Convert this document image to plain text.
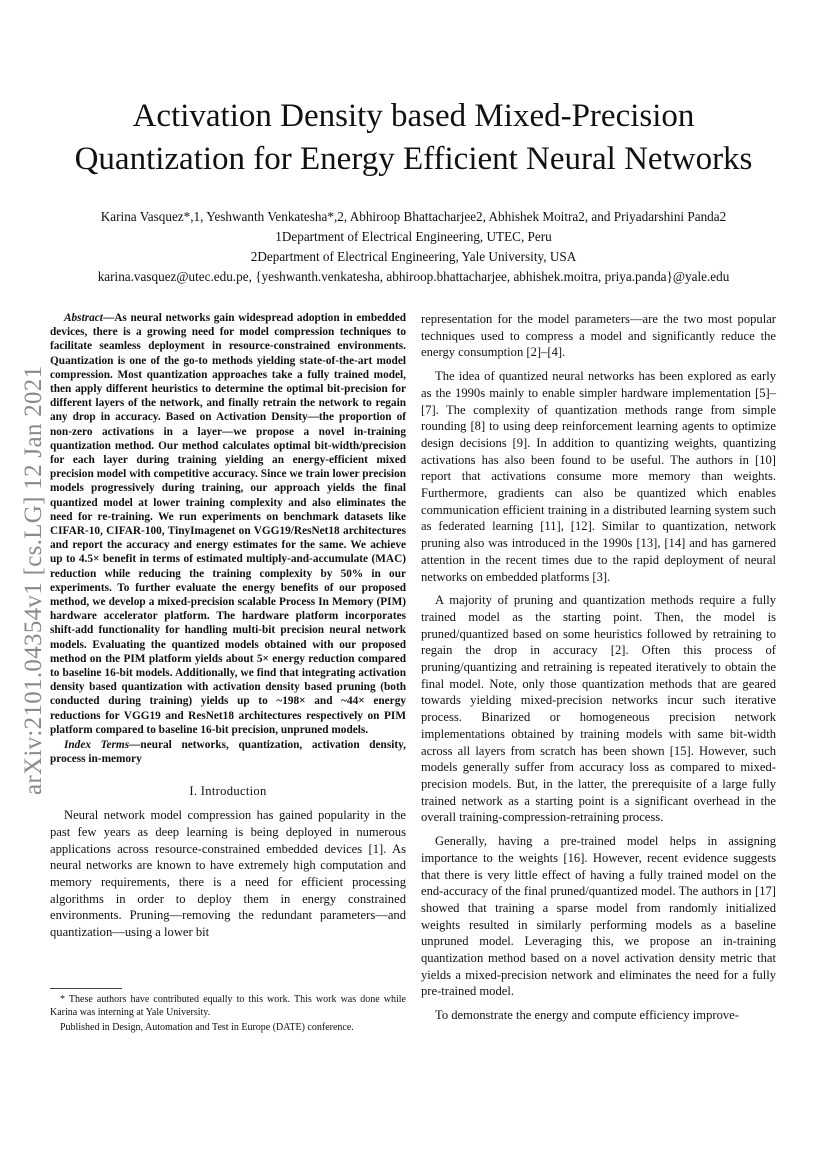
arXiv:2101.04354v1 [cs.LG] 12 Jan 2021
Activation Density based Mixed-Precision
Quantization for Energy Efficient Neural Networks
Karina Vasquez*,1, Yeshwanth Venkatesha*,2, Abhiroop Bhattacharjee2, Abhishek Moitra2, and Priyadarshini Panda2
1Department of Electrical Engineering, UTEC, Peru
2Department of Electrical Engineering, Yale University, USA
karina.vasquez@utec.edu.pe, {yeshwanth.venkatesha, abhiroop.bhattacharjee, abhishek.moitra, priya.panda}@yale.edu

Abstract—As neural networks gain widespread adoption in embedded devices, there is a growing need for model compression techniques to facilitate seamless deployment in resource-constrained environments. Quantization is one of the go-to methods yielding state-of-the-art model compression. Most quantization approaches take a fully trained model, then apply different heuristics to determine the optimal bit-precision for different layers of the network, and finally retrain the network to regain any drop in accuracy. Based on Activation Density—the proportion of non-zero activations in a layer—we propose a novel in-training quantization method. Our method calculates optimal bit-width/precision for each layer during training yielding an energy-efficient mixed precision model with competitive accuracy. Since we train lower precision models progressively during training, our approach yields the final quantized model at lower training complexity and also eliminates the need for re-training. We run experiments on benchmark datasets like CIFAR-10, CIFAR-100, TinyImagenet on VGG19/ResNet18 architectures and report the accuracy and energy estimates for the same. We achieve up to 4.5× benefit in terms of estimated multiply-and-accumulate (MAC) reduction while reducing the training complexity by 50% in our experiments. To further evaluate the energy benefits of our proposed method, we develop a mixed-precision scalable Process In Memory (PIM) hardware accelerator platform. The hardware platform incorporates shift-add functionality for handling multi-bit precision neural network models. Evaluating the quantized models obtained with our proposed method on the PIM platform yields about 5× energy reduction compared to baseline 16-bit models. Additionally, we find that integrating activation density based quantization with activation density based pruning (both conducted during training) yields up to ~198× and ~44× energy reductions for VGG19 and ResNet18 architectures respectively on PIM platform compared to baseline 16-bit precision, unpruned models.

Index Terms—neural networks, quantization, activation density, process in-memory

I. Introduction

Neural network model compression has gained popularity in the past few years as deep learning is being deployed in numerous applications across resource-constrained embedded devices [1]. As neural networks are known to have extremely high computation and memory requirements, there is a need for efficient processing algorithms in order to deploy them in energy constrained environments. Pruning—removing the redundant parameters—and quantization—using a lower bit

* These authors have contributed equally to this work. This work was done while Karina was interning at Yale University.

Published in Design, Automation and Test in Europe (DATE) conference.

representation for the model parameters—are the two most popular techniques used to compress a model and significantly reduce the energy consumption [2]–[4].

The idea of quantized neural networks has been explored as early as the 1990s mainly to enable simpler hardware implementation [5]–[7]. The complexity of quantization methods range from simple rounding [8] to using deep reinforcement learning agents to optimize design decisions [9]. In addition to quantizing weights, quantizing activations has also been found to be useful. The authors in [10] report that activations consume more memory than weights. Furthermore, gradients can also be quantized which enables communication efficient training in a distributed learning system such as federated learning [11], [12]. Similar to quantization, network pruning also was introduced in the 1990s [13], [14] and has garnered attention in the recent times due to the rapid deployment of neural networks on embedded platforms [3].

A majority of pruning and quantization methods require a fully trained model as the starting point. Then, the model is pruned/quantized based on some heuristics followed by retraining to regain the drop in accuracy [2]. Often this process of pruning/quantizing and retraining is repeated iteratively to obtain the final model. Note, only those quantization methods that are geared towards yielding mixed-precision networks incur such iterative process. Binarized or homogeneous precision network implementations obtained by training models with same bit-width across all layers from scratch has been shown [15]. However, such models generally suffer from accuracy loss as compared to mixed-precision models. But, in the latter, the prerequisite of a large fully trained network as a starting point is a significant overhead in the overall training-compression-retraining process.

Generally, having a pre-trained model helps in assigning importance to the weights [16]. However, recent evidence suggests that there is very little effect of having a fully trained model on the end-accuracy of the final pruned/quantized model. The authors in [17] showed that training a sparse model from randomly initialized weights resulted in similarly performing models as a baseline unpruned model. Leveraging this, we propose an in-training quantization method based on a novel activation density metric that yields a mixed-precision network and eliminates the need for a fully pre-trained model.

To demonstrate the energy and compute efficiency improve-
